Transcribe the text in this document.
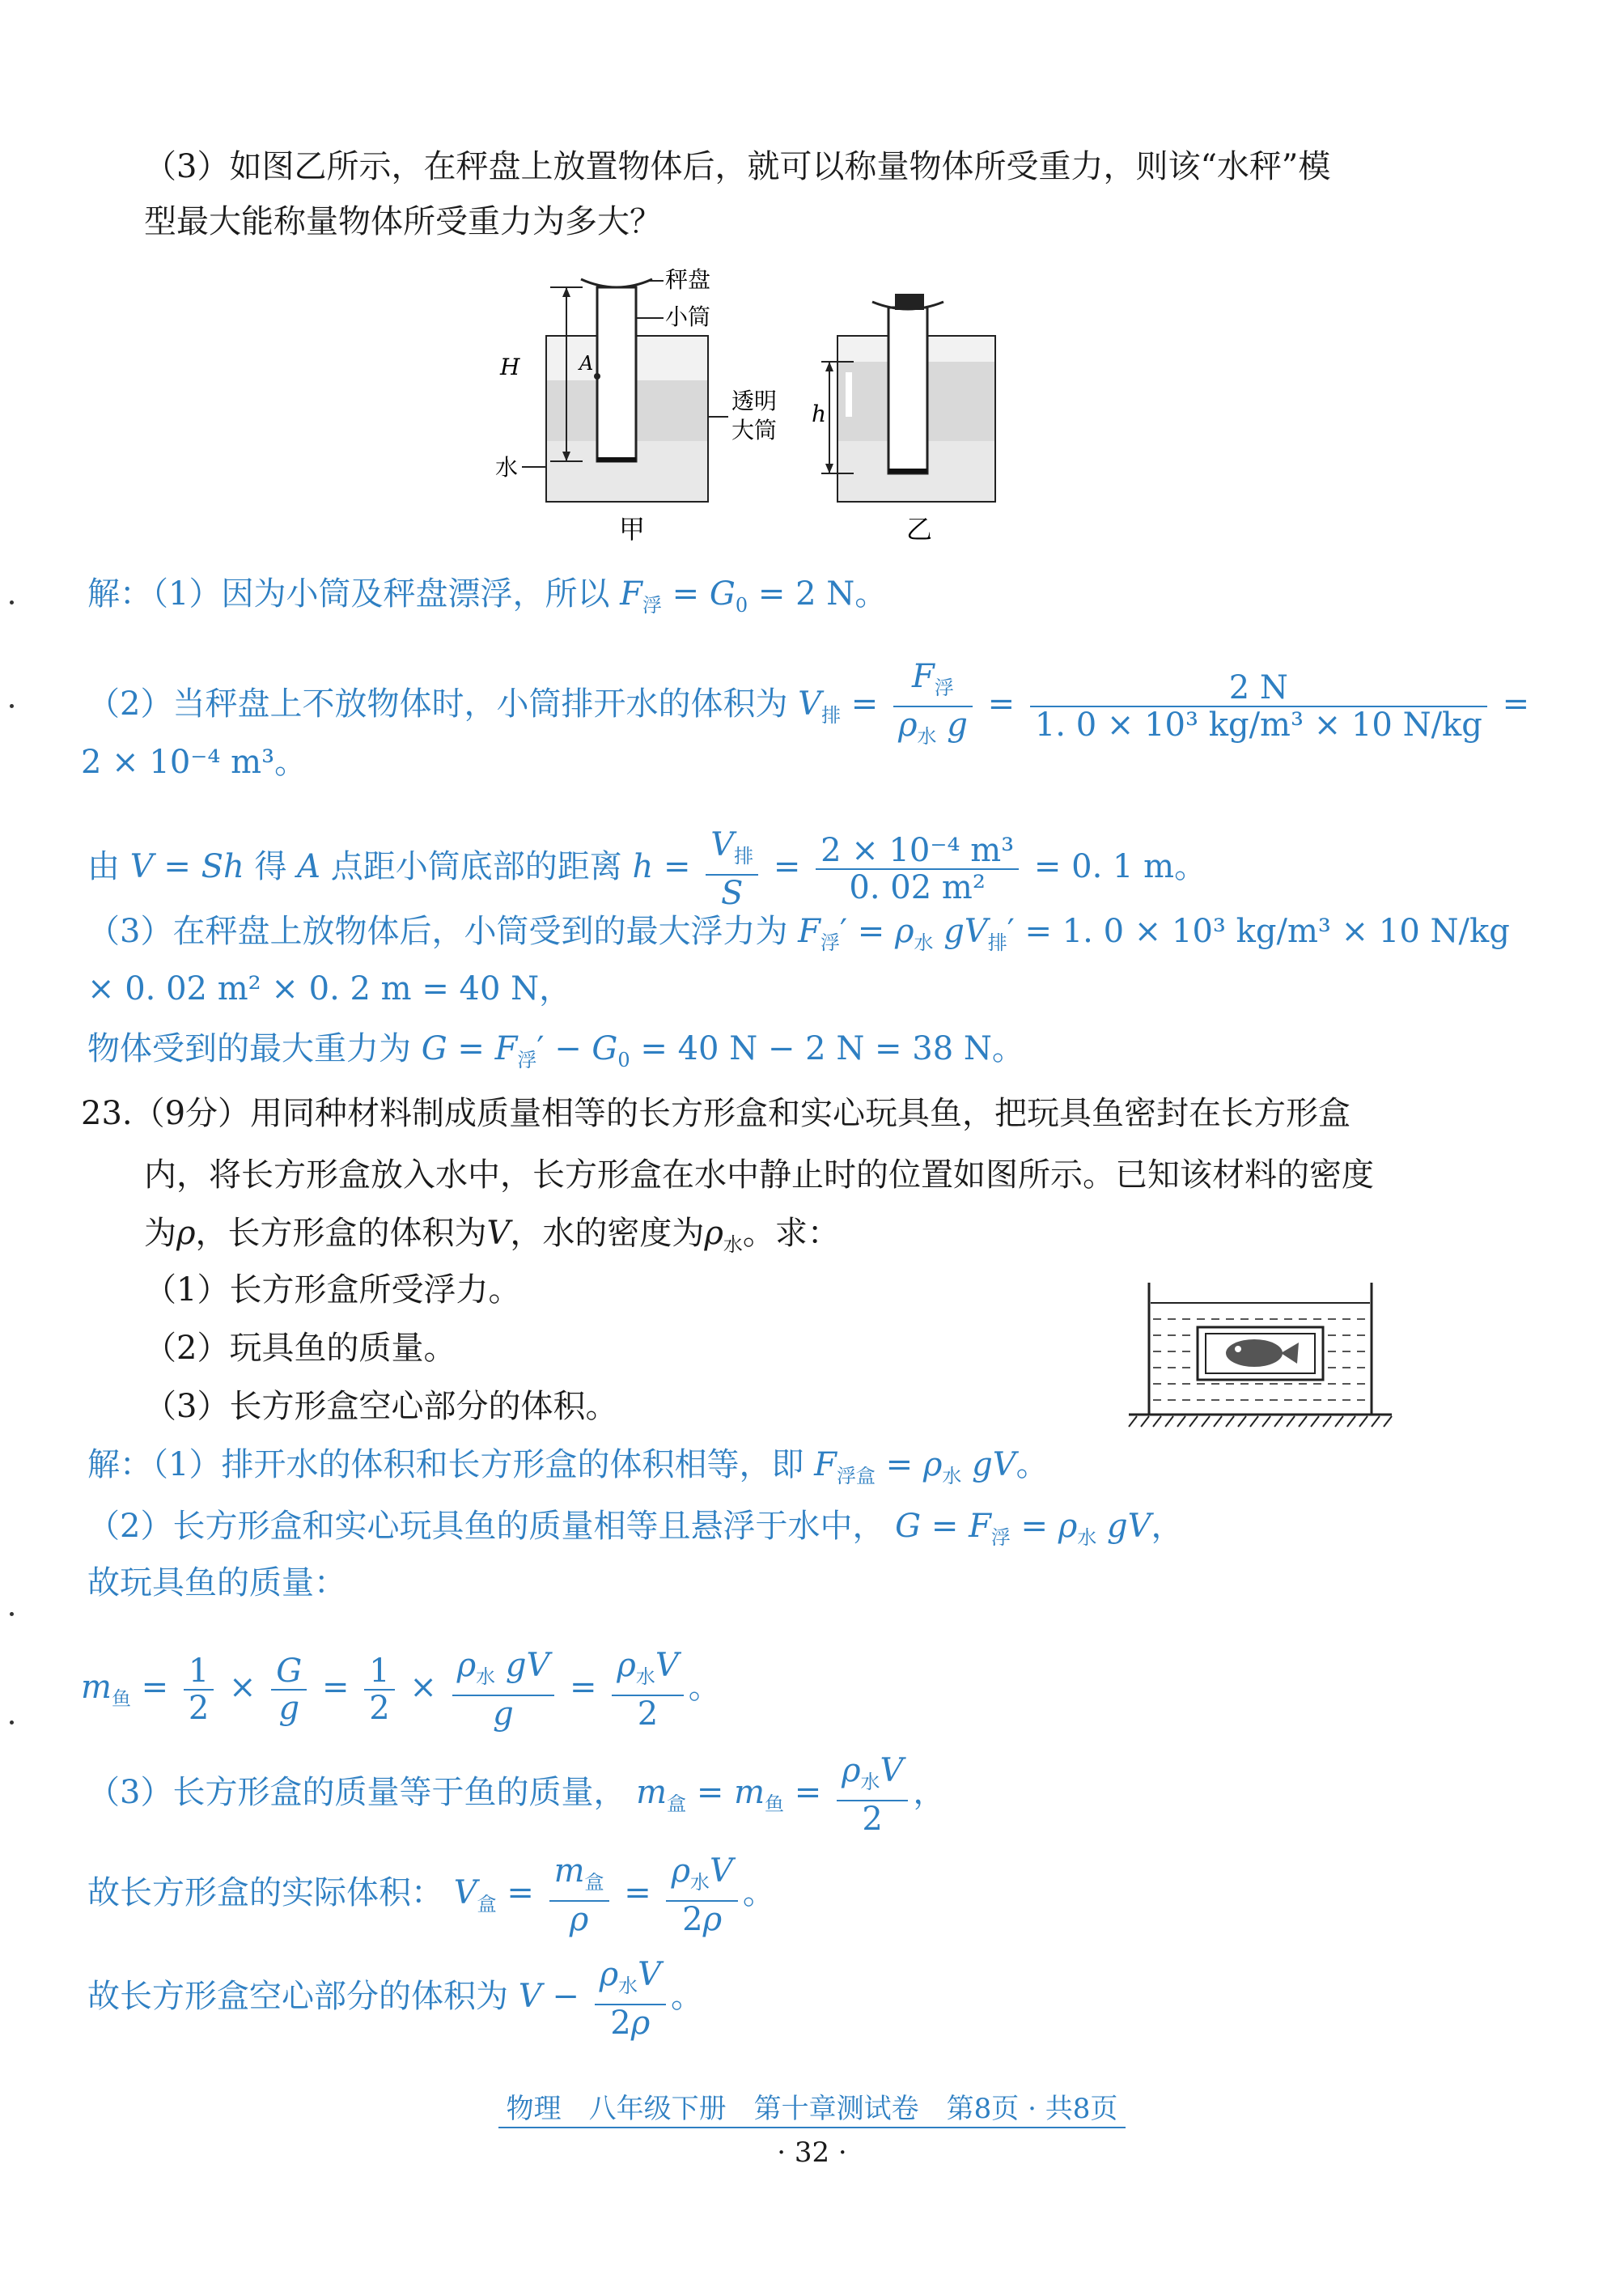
（3）如图乙所示，在秤盘上放置物体后，就可以称量物体所受重力，则该“水秤”模
型最大能称量物体所受重力为多大？
秤盘
小筒
透明
大筒
水
H	A
h
甲	乙
解：（1）因为小筒及秤盘漂浮，所以 $F_浮 = G_0 = 2$ N。
（2）当秤盘上不放物体时，小筒排开水的体积为 $V_排 = \frac{F_浮}{\rho_水 g} = \frac{2 N}{\text{1. 0 × 10³ kg/m³ × 10 N/kg}}$ =
2 × 10⁻⁴ m³。
由 V = Sh 得 A 点距小筒底部的距离 $h = \frac{V_排}{S} = \frac{\text{2 × 10⁻⁴ m³}}{\text{0. 02 m²}} = 0$. 1 m。
（3）在秤盘上放物体后，小筒受到的最大浮力为 $F_浮' = \rho_水$ $gV_排' = 1$. 0 × 10³ kg/m³ × 10 N/kg
× 0. 02 m² × 0. 2 m = 40 N，
物体受到的最大重力为 $G = F_浮' - G_0 = 40$ N − 2 N = 38 N。
23.（9分）用同种材料制成质量相等的长方形盒和实心玩具鱼，把玩具鱼密封在长方形盒
内，将长方形盒放入水中，长方形盒在水中静止时的位置如图所示。已知该材料的密度
为ρ，长方形盒的体积为V，水的密度为$\rho_水$。求：
（1）长方形盒所受浮力。
（2）玩具鱼的质量。
（3）长方形盒空心部分的体积。
解：（1）排开水的体积和长方形盒的体积相等，即 $F_{浮盒} = \rho_水$ gV。
（2）长方形盒和实心玩具鱼的质量相等且悬浮于水中， $G = F_浮 = \rho_水$ gV，
故玩具鱼的质量：
$m_鱼 = \frac{1}{2} \times \frac{G}{g} = \frac{1}{2} \times \frac{\rho_水 gV}{g} = \frac{\rho_水V}{2}$ 。
（3）长方形盒的质量等于鱼的质量， $m_盒 = m_鱼 = \frac{\rho_水V}{2}$ ，
故长方形盒的实际体积： $V_盒 = \frac{m_盒}{\rho} = \frac{\rho_水V}{2\rho}$ 。
故长方形盒空心部分的体积为 $V - \frac{\rho_水V}{2\rho}$ 。
物理　八年级下册　第十章测试卷　第8页 · 共8页
· 32 ·
